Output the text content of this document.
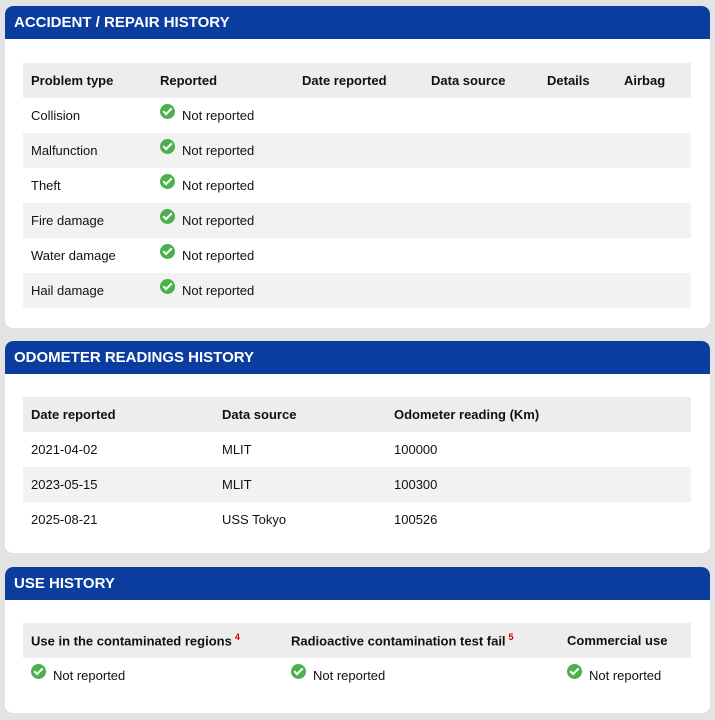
ACCIDENT / REPAIR HISTORY
Problem type	Reported	Date reported	Data source	Details	Airbag
Collision	Not reported				

Malfunction	Not reported				

Theft	Not reported				

Fire damage	Not reported				

Water damage	Not reported				

Hail damage	Not reported				

ODOMETER READINGS HISTORY
Date reported	Data source	Odometer reading (Km)
2021-04-02	MLIT	100000
2023-05-15	MLIT	100300
2025-08-21	USS Tokyo	100526
USE HISTORY
Use in the contaminated regions $^4$	Radioactive contamination test fail $^5$	Commercial use

Not reported	Not reported	Not reported
